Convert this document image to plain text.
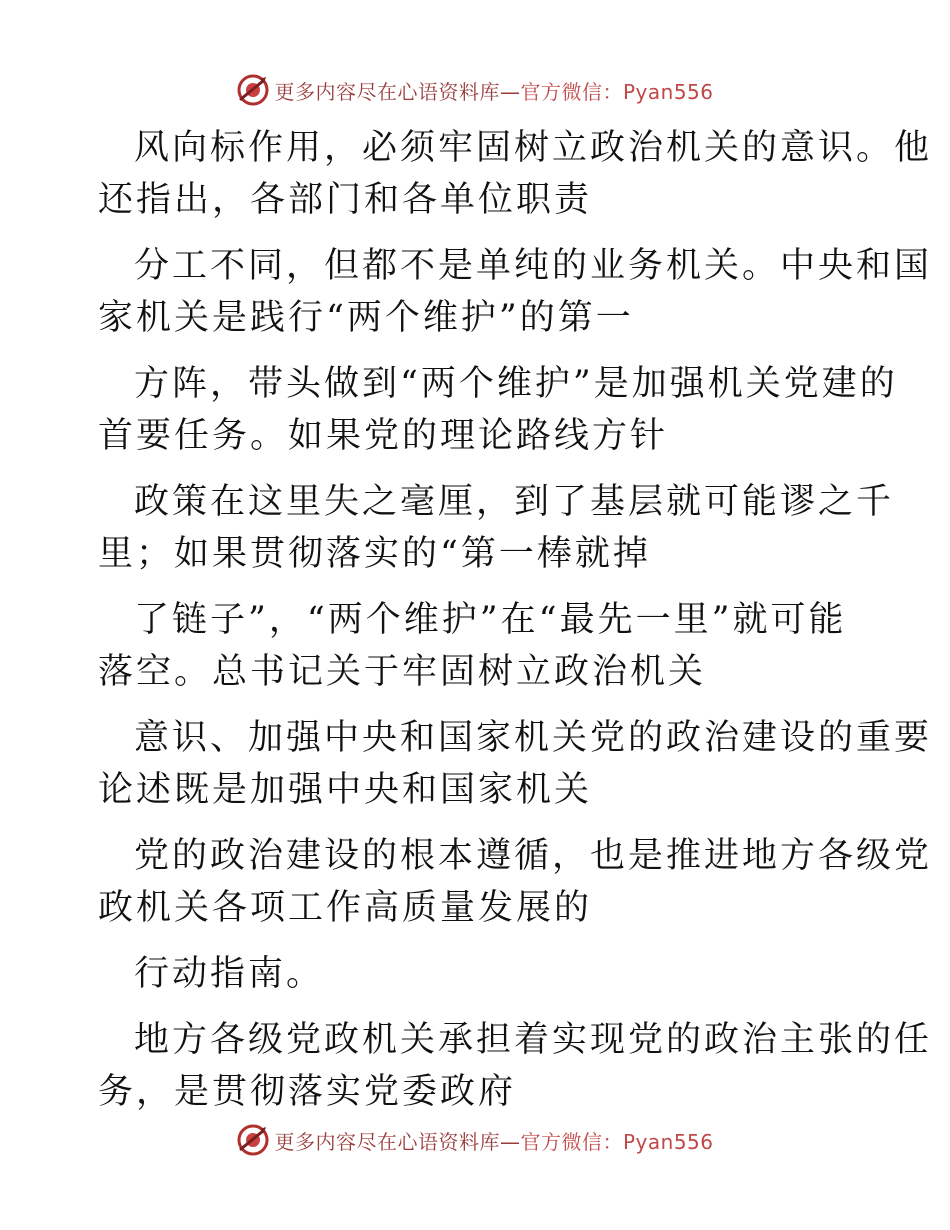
更多内容尽在心语资料库—官方微信：Pyan556

风向标作用，必须牢固树立政治机关的意识。他
还指出，各部门和各单位职责

分工不同，但都不是单纯的业务机关。中央和国
家机关是践行“两个维护”的第一

方阵，带头做到“两个维护”是加强机关党建的
首要任务。如果党的理论路线方针

政策在这里失之毫厘，到了基层就可能谬之千
里；如果贯彻落实的“第一棒就掉

了链子”，“两个维护”在“最先一里”就可能
落空。总书记关于牢固树立政治机关

意识、加强中央和国家机关党的政治建设的重要
论述既是加强中央和国家机关

党的政治建设的根本遵循，也是推进地方各级党
政机关各项工作高质量发展的

行动指南。

地方各级党政机关承担着实现党的政治主张的任
务，是贯彻落实党委政府

更多内容尽在心语资料库—官方微信：Pyan556
